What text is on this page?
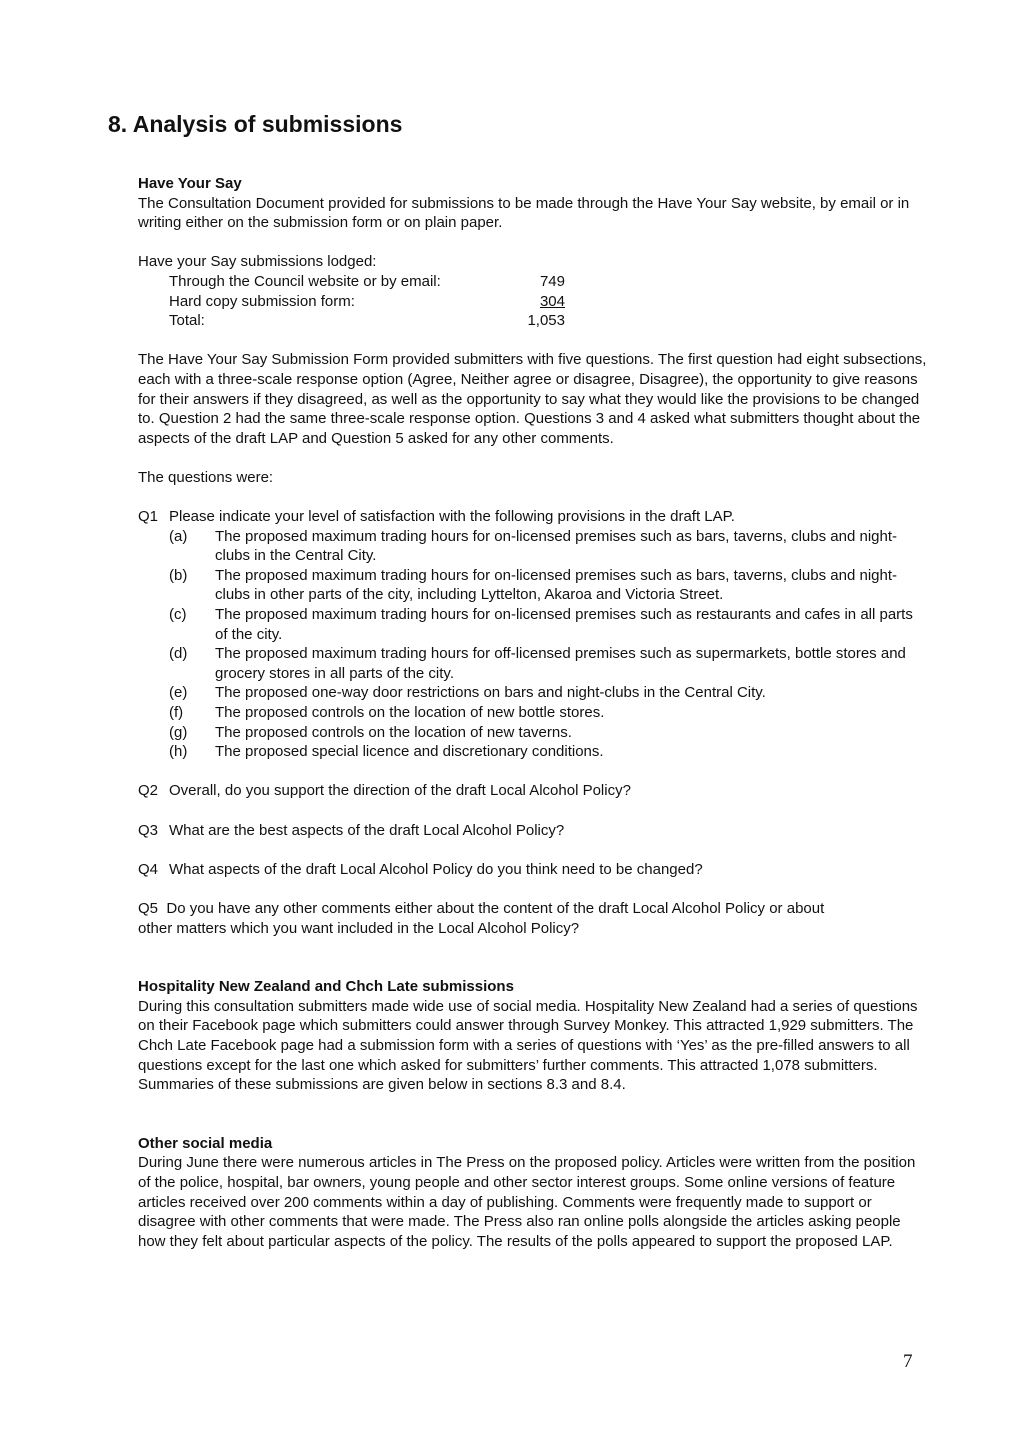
8. Analysis of submissions

Have Your Say

The Consultation Document provided for submissions to be made through the Have Your Say website, by email or in writing either on the submission form or on plain paper.

Have your Say submissions lodged:

Through the Council website or by email:	749
Hard copy submission form:	304
Total:	1,053

The Have Your Say Submission Form provided submitters with five questions. The first question had eight subsections, each with a three-scale response option (Agree, Neither agree or disagree, Disagree), the opportunity to give reasons for their answers if they disagreed, as well as the opportunity to say what they would like the provisions to be changed to. Question 2 had the same three-scale response option. Questions 3 and 4 asked what submitters thought about the aspects of the draft LAP and Question 5 asked for any other comments.

The questions were:

Q1 Please indicate your level of satisfaction with the following provisions in the draft LAP.
(a)	The proposed maximum trading hours for on-licensed premises such as bars, taverns, clubs and night-clubs in the Central City.
(b)	The proposed maximum trading hours for on-licensed premises such as bars, taverns, clubs and night-clubs in other parts of the city, including Lyttelton, Akaroa and Victoria Street.
(c)	The proposed maximum trading hours for on-licensed premises such as restaurants and cafes in all parts of the city.
(d)	The proposed maximum trading hours for off-licensed premises such as supermarkets, bottle stores and grocery stores in all parts of the city.
(e)	The proposed one-way door restrictions on bars and night-clubs in the Central City.
(f)	The proposed controls on the location of new bottle stores.
(g)	The proposed controls on the location of new taverns.
(h)	The proposed special licence and discretionary conditions.
Q2 Overall, do you support the direction of the draft Local Alcohol Policy?
Q3 What are the best aspects of the draft Local Alcohol Policy?
Q4 What aspects of the draft Local Alcohol Policy do you think need to be changed?

Q5 Do you have any other comments either about the content of the draft Local Alcohol Policy or about

other matters which you want included in the Local Alcohol Policy?

Hospitality New Zealand and Chch Late submissions

During this consultation submitters made wide use of social media. Hospitality New Zealand had a series of questions on their Facebook page which submitters could answer through Survey Monkey. This attracted 1,929 submitters. The Chch Late Facebook page had a submission form with a series of questions with ‘Yes’ as the pre-filled answers to all questions except for the last one which asked for submitters’ further comments. This attracted 1,078 submitters. Summaries of these submissions are given below in sections 8.3 and 8.4.

Other social media

During June there were numerous articles in The Press on the proposed policy. Articles were written from the position of the police, hospital, bar owners, young people and other sector interest groups. Some online versions of feature articles received over 200 comments within a day of publishing. Comments were frequently made to support or disagree with other comments that were made. The Press also ran online polls alongside the articles asking people how they felt about particular aspects of the policy. The results of the polls appeared to support the proposed LAP.

7
